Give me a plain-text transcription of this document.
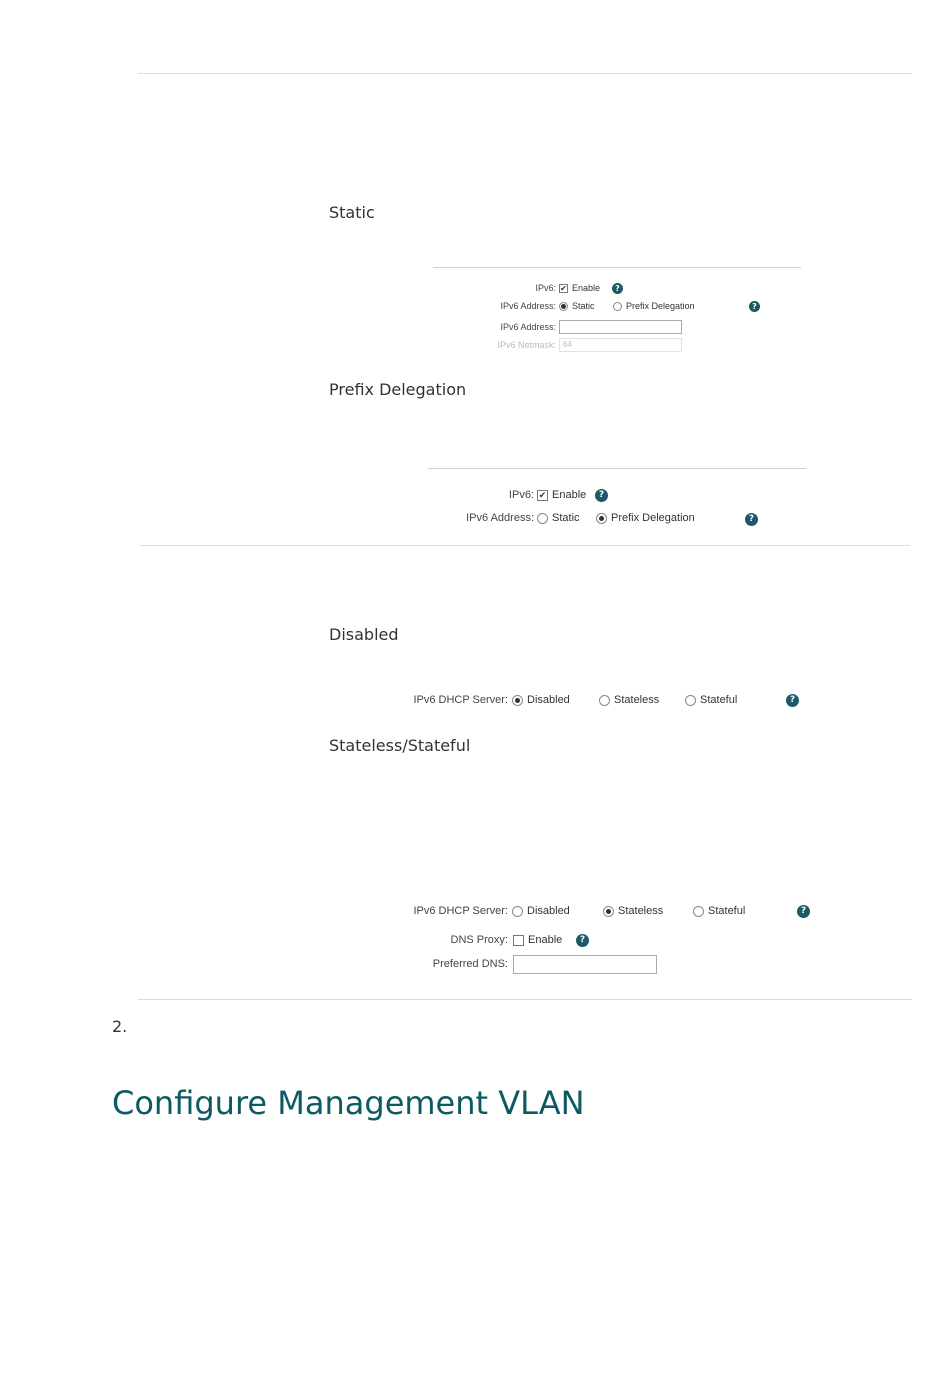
Static
IPv6: ✔ Enable	?
IPv6 Address: Static	Prefix Delegation	?
IPv6 Address:
IPv6 Netmask: 64
Prefix Delegation
IPv6: ✔ Enable	?
IPv6 Address: Static	Prefix Delegation	?
Disabled
IPv6 DHCP Server: Disabled	Stateless	Stateful	?
Stateless/Stateful
IPv6 DHCP Server: Disabled	Stateless	Stateful	?
DNS Proxy: Enable	?
Preferred DNS:
2.
Configure Management VLAN
